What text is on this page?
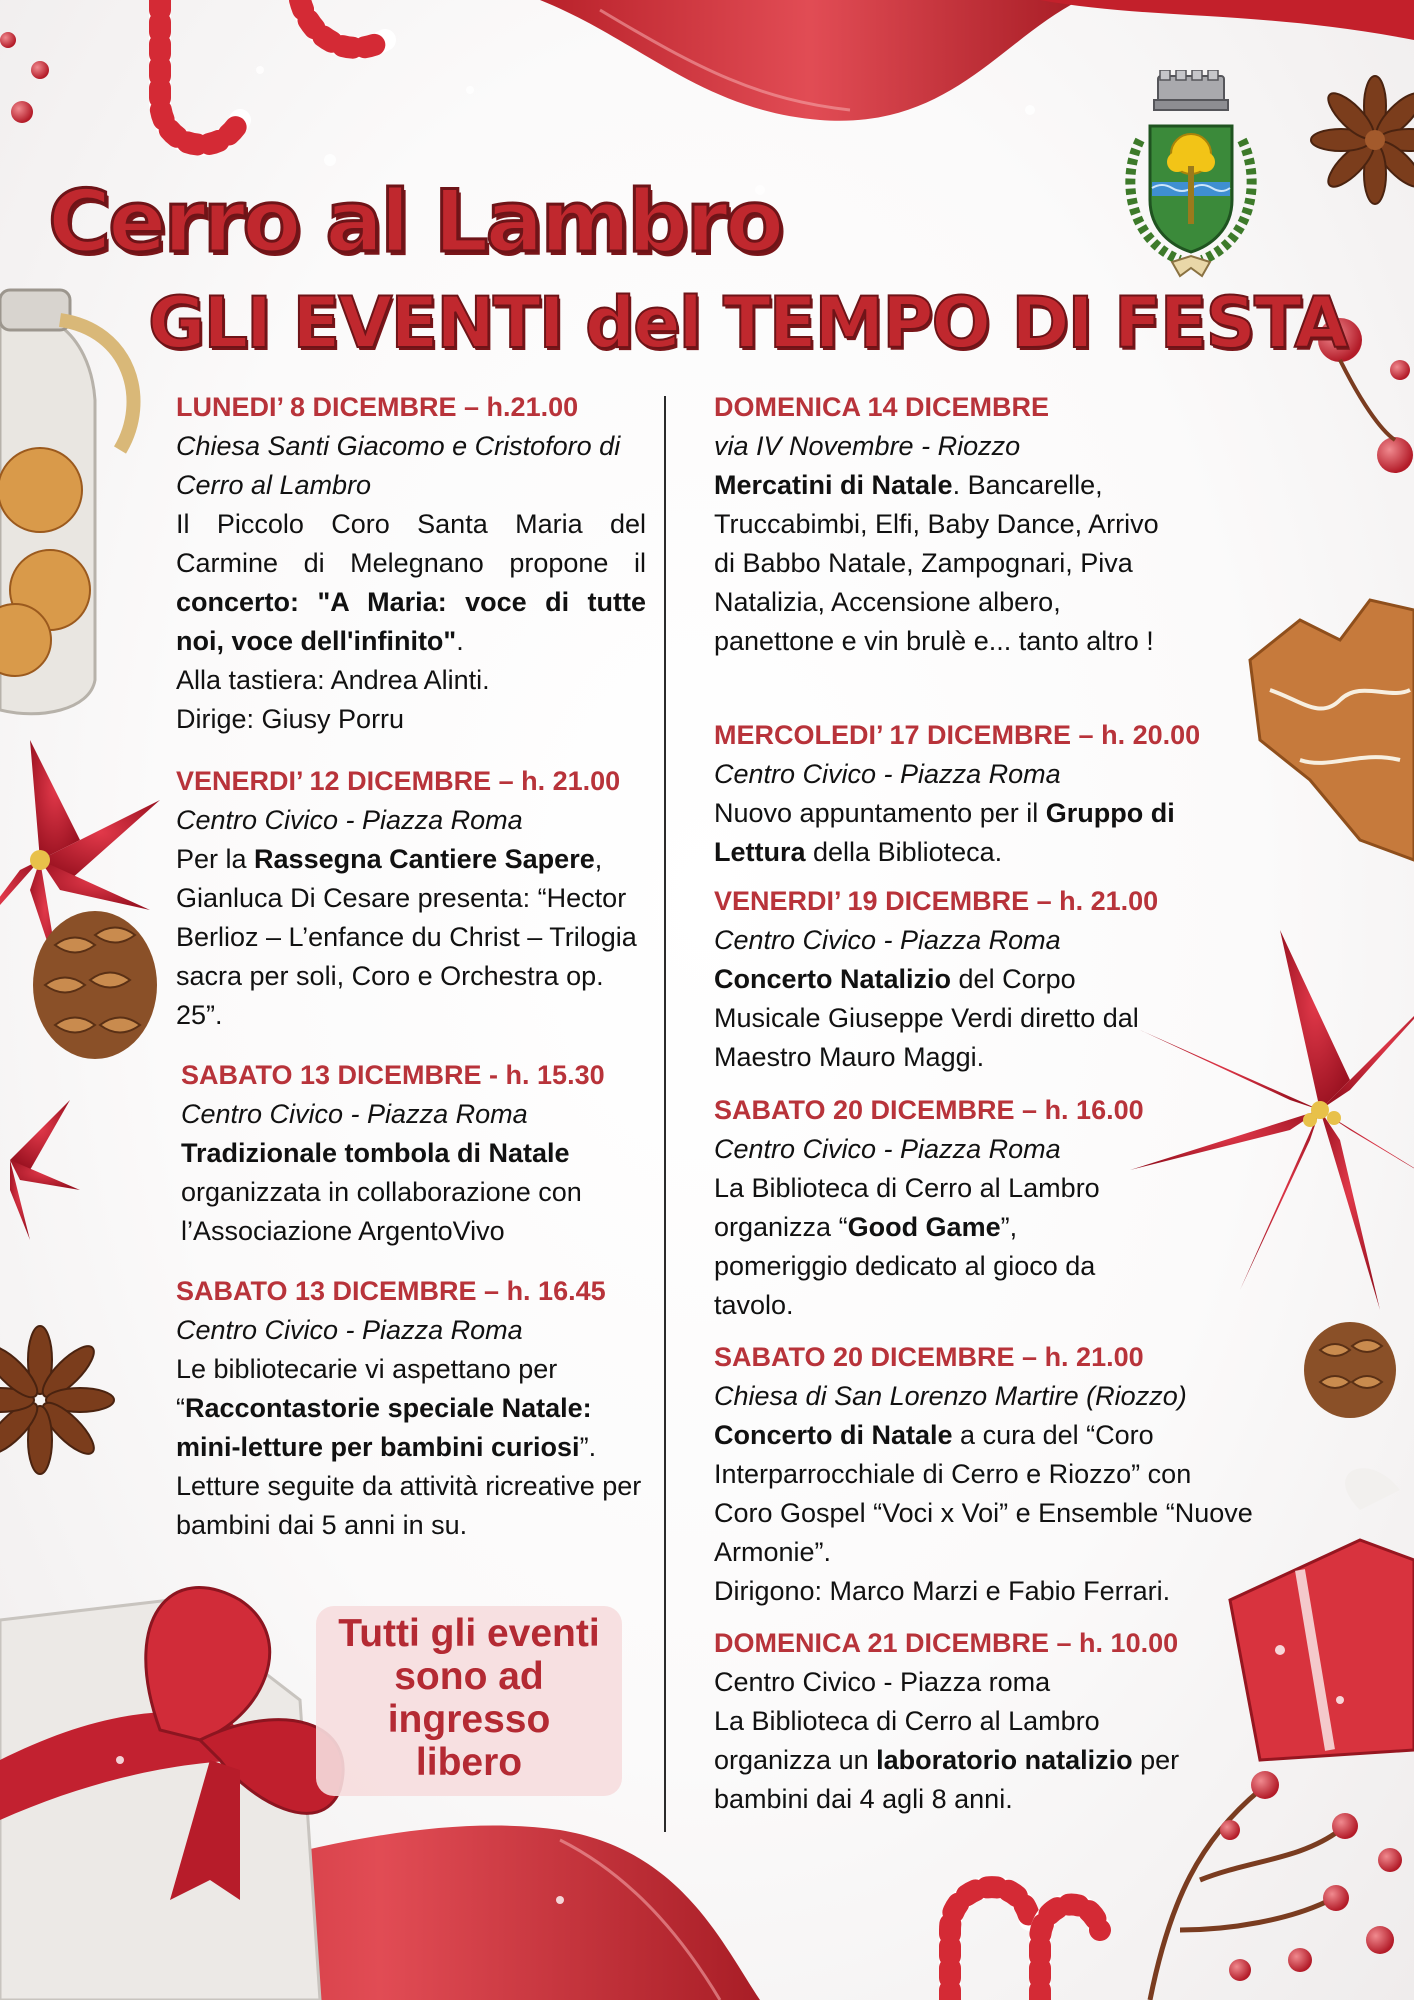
Cerro al Lambro
GLI EVENTI del TEMPO DI FESTA

LUNEDI’ 8 DICEMBRE – h.21.00

Chiesa Santi Giacomo e Cristoforo di Cerro al Lambro

Il Piccolo Coro Santa Maria del Carmine di Melegnano propone il concerto: "A Maria: voce di tutte noi, voce dell'infinito".

Alla tastiera: Andrea Alinti.

Dirige: Giusy Porru

VENERDI’ 12 DICEMBRE – h. 21.00

Centro Civico - Piazza Roma

Per la Rassegna Cantiere Sapere, Gianluca Di Cesare presenta: “Hector Berlioz – L’enfance du Christ – Trilogia sacra per soli, Coro e Orchestra op. 25”.

SABATO 13 DICEMBRE - h. 15.30

Centro Civico - Piazza Roma

Tradizionale tombola di Natale organizzata in collaborazione con l’Associazione ArgentoVivo

SABATO 13 DICEMBRE – h. 16.45

Centro Civico - Piazza Roma

Le bibliotecarie vi aspettano per “Raccontastorie speciale Natale: mini-letture per bambini curiosi”. Letture seguite da attività ricreative per bambini dai 5 anni in su.

DOMENICA 14 DICEMBRE

via IV Novembre - Riozzo

Mercatini di Natale. Bancarelle, Truccabimbi, Elfi, Baby Dance, Arrivo di Babbo Natale, Zampognari, Piva Natalizia, Accensione albero, panettone e vin brulè e... tanto altro !

MERCOLEDI’ 17 DICEMBRE – h. 20.00

Centro Civico - Piazza Roma

Nuovo appuntamento per il Gruppo di Lettura della Biblioteca.

VENERDI’ 19 DICEMBRE – h. 21.00

Centro Civico - Piazza Roma

Concerto Natalizio del Corpo Musicale Giuseppe Verdi diretto dal Maestro Mauro Maggi.

SABATO 20 DICEMBRE – h. 16.00

Centro Civico - Piazza Roma

La Biblioteca di Cerro al Lambro organizza “Good Game”, pomeriggio dedicato al gioco da tavolo.

SABATO 20 DICEMBRE – h. 21.00

Chiesa di San Lorenzo Martire (Riozzo)

Concerto di Natale a cura del “Coro Interparrocchiale di Cerro e Riozzo” con Coro Gospel “Voci x Voi” e Ensemble “Nuove Armonie”.

Dirigono: Marco Marzi e Fabio Ferrari.

DOMENICA 21 DICEMBRE – h. 10.00

Centro Civico - Piazza roma

La Biblioteca di Cerro al Lambro organizza un laboratorio natalizio per bambini dai 4 agli 8 anni.

Tutti gli eventi
sono ad
ingresso
libero
